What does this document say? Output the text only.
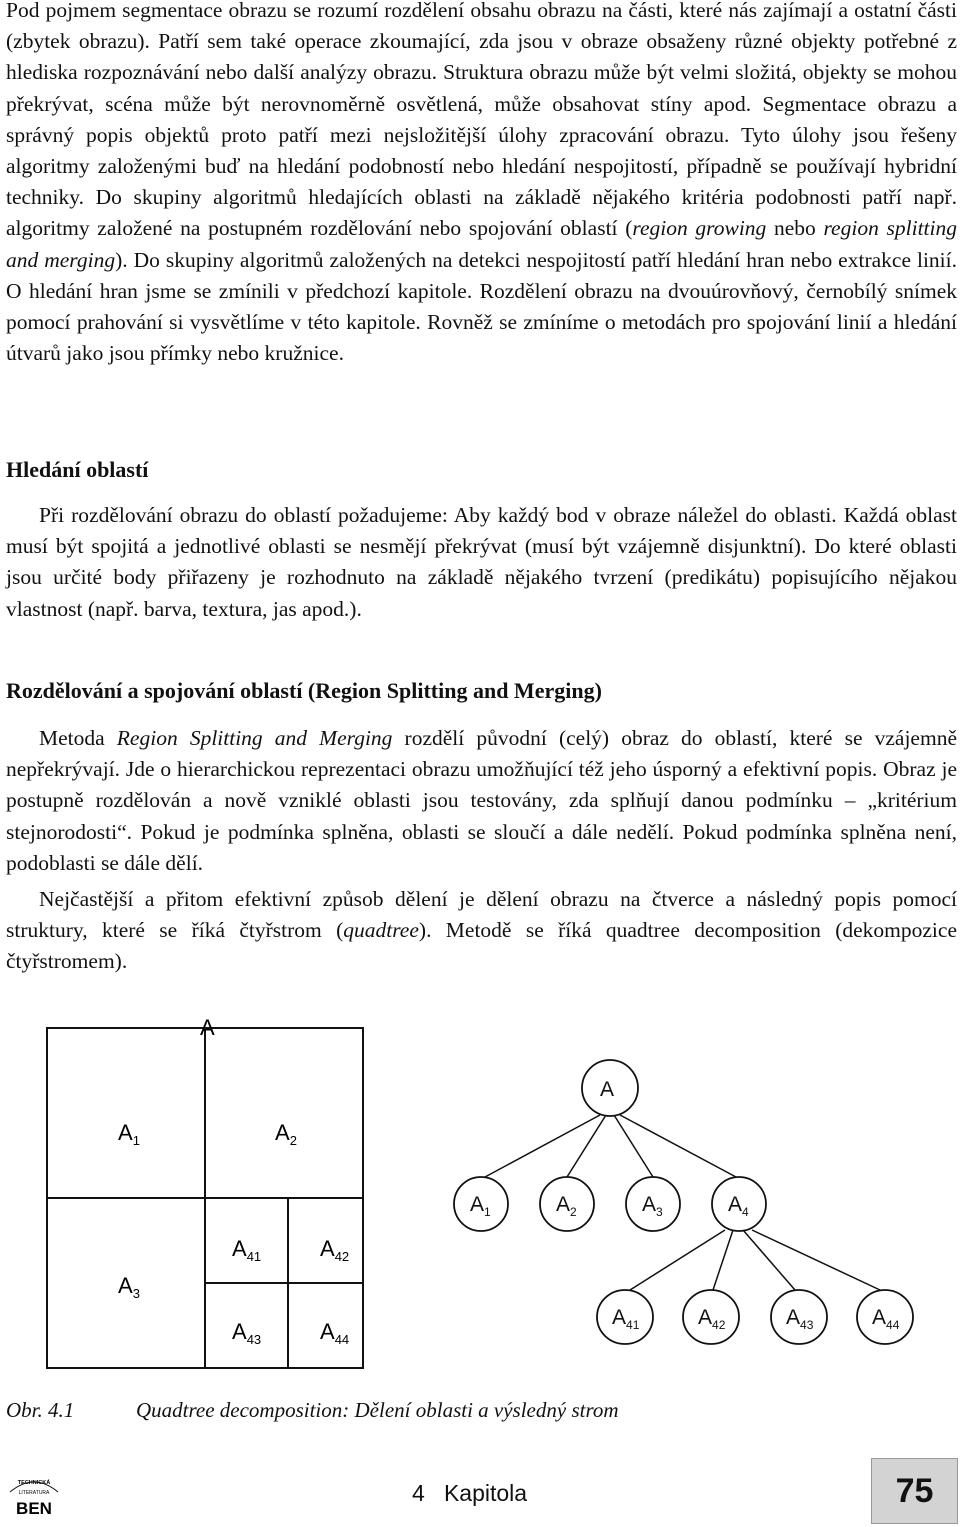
Pod pojmem segmentace obrazu se rozumí rozdělení obsahu obrazu na části, které nás zajímají a ostatní části (zbytek obrazu). Patří sem také operace zkoumající, zda jsou v obraze obsaženy různé objekty potřebné z hlediska rozpoznávání nebo další analýzy obrazu. Struktura obrazu může být velmi složitá, objekty se mohou překrývat, scéna může být nerovnoměrně osvětlená, může obsahovat stíny apod. Segmentace obrazu a správný popis objektů proto patří mezi nejsložitější úlohy zpracování obrazu. Tyto úlohy jsou řešeny algoritmy založenými buď na hledání podobností nebo hledání nespojitostí, případně se používají hybridní techniky. Do skupiny algoritmů hledajících oblasti na základě nějakého kritéria podobnosti patří např. algoritmy založené na postupném rozdělování nebo spojování oblastí (region growing nebo region splitting and merging). Do skupiny algoritmů založených na detekci nespojitostí patří hledání hran nebo extrakce linií. O hledání hran jsme se zmínili v předchozí kapitole. Rozdělení obrazu na dvouúrovňový, černobílý snímek pomocí prahování si vysvětlíme v této kapitole. Rovněž se zmíníme o metodách pro spojování linií a hledání útvarů jako jsou přímky nebo kružnice.

Hledání oblastí

Při rozdělování obrazu do oblastí požadujeme: Aby každý bod v obraze náležel do oblasti. Každá oblast musí být spojitá a jednotlivé oblasti se nesmějí překrývat (musí být vzájemně disjunktní). Do které oblasti jsou určité body přiřazeny je rozhodnuto na základě nějakého tvrzení (predikátu) popisujícího nějakou vlastnost (např. barva, textura, jas apod.).

Rozdělování a spojování oblastí (Region Splitting and Merging)

Metoda Region Splitting and Merging rozdělí původní (celý) obraz do oblastí, které se vzájemně nepřekrývají. Jde o hierarchickou reprezentaci obrazu umožňující též jeho úsporný a efektivní popis. Obraz je postupně rozdělován a nově vzniklé oblasti jsou testovány, zda splňují danou podmínku – „kritérium stejnorodosti“. Pokud je podmínka splněna, oblasti se sloučí a dále nedělí. Pokud podmínka splněna není, podoblasti se dále dělí.

Nejčastější a přitom efektivní způsob dělení je dělení obrazu na čtverce a následný popis pomocí struktury, které se říká čtyřstrom (quadtree). Metodě se říká quadtree decomposition (dekompozice čtyřstromem).

A
$A_1$	$A_2$
$A_3$
$A_{41}$	$A_{42}$
$A_{43}$	$A_{44}$
A
$A_1$	$A_2$	$A_3$	$A_4$
$A_{41}$	$A_{42}$	$A_{43}$	$A_{44}$
Obr. 4.1	Quadtree decomposition: Dělení oblasti a výsledný strom
TECHNICKÁ
LITERATURA
BEN
4   Kapitola	75
